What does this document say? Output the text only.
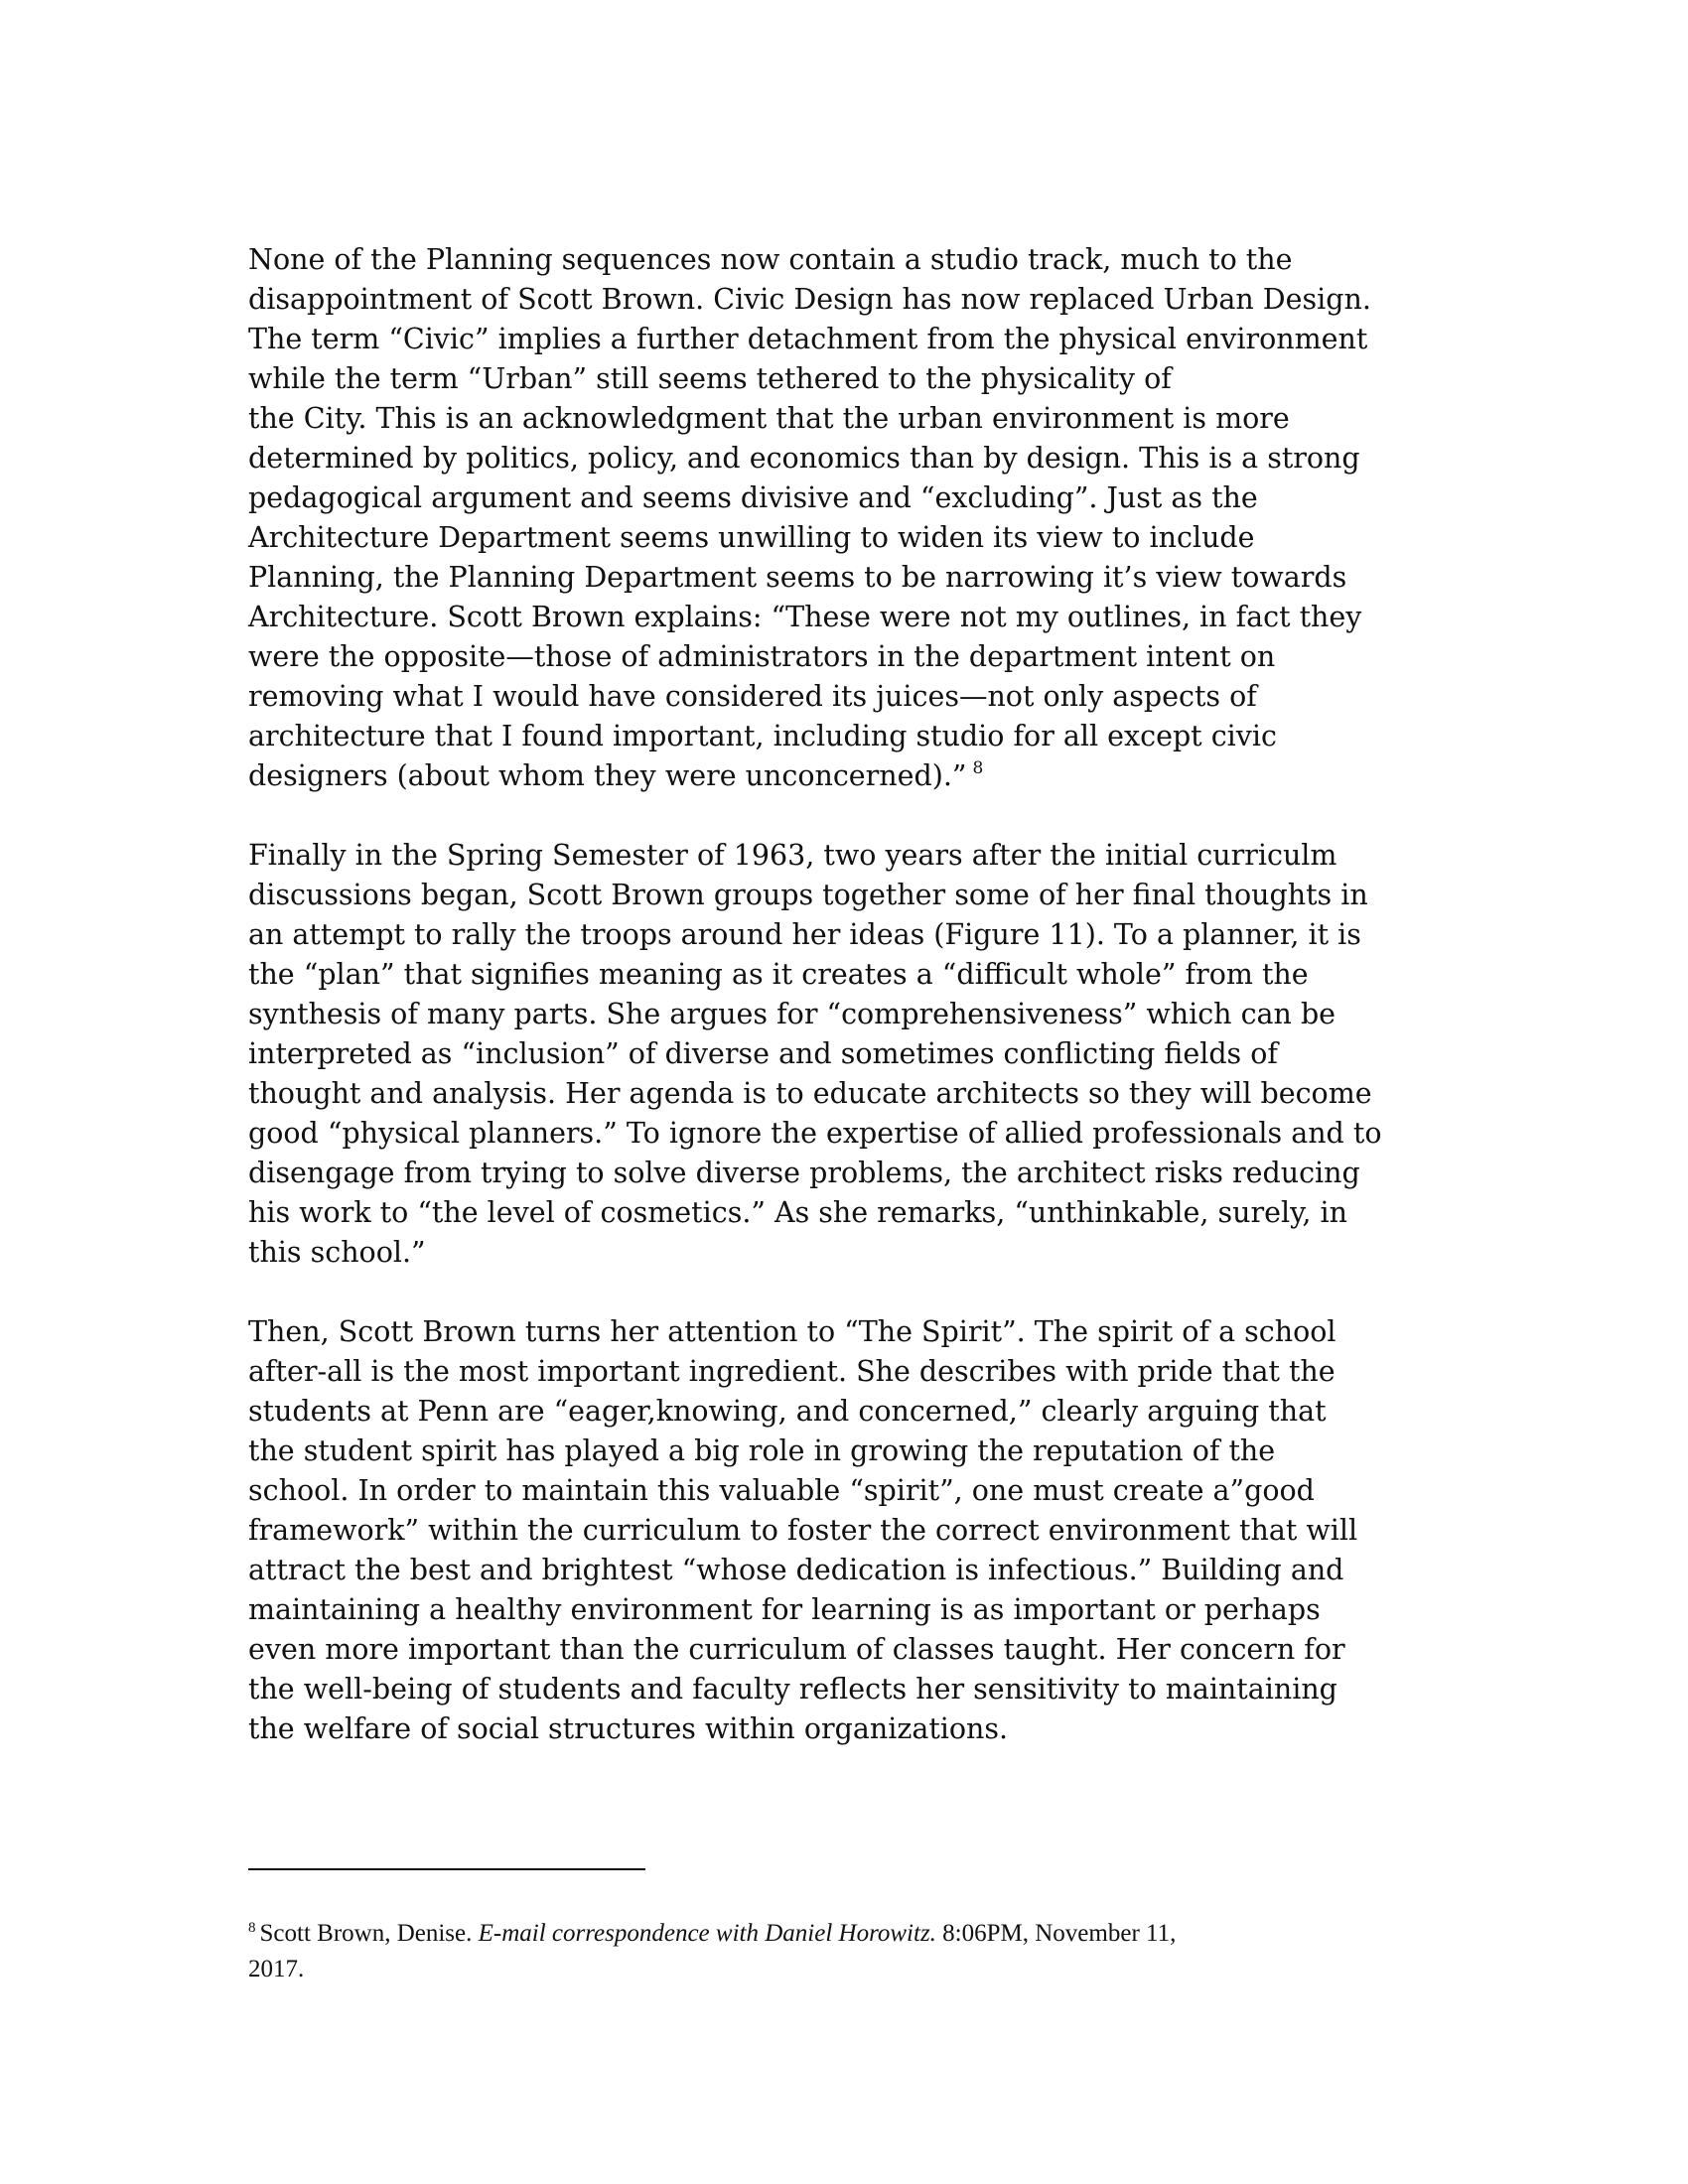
None of the Planning sequences now contain a studio track, much to the
disappointment of Scott Brown. Civic Design has now replaced Urban Design.
The term “Civic” implies a further detachment from the physical environment
while the term “Urban” still seems tethered to the physicality of
the City. This is an acknowledgment that the urban environment is more
determined by politics, policy, and economics than by design. This is a strong
pedagogical argument and seems divisive and “excluding”. Just as the
Architecture Department seems unwilling to widen its view to include
Planning, the Planning Department seems to be narrowing it’s view towards
Architecture. Scott Brown explains: “These were not my outlines, in fact they
were the opposite—those of administrators in the department intent on
removing what I would have considered its juices—not only aspects of
architecture that I found important, including studio for all except civic
designers (about whom they were unconcerned).” $^8$
Finally in the Spring Semester of 1963, two years after the initial curriculm
discussions began, Scott Brown groups together some of her final thoughts in
an attempt to rally the troops around her ideas (Figure 11). To a planner, it is
the “plan” that signifies meaning as it creates a “difficult whole” from the
synthesis of many parts. She argues for “comprehensiveness” which can be
interpreted as “inclusion” of diverse and sometimes conflicting fields of
thought and analysis. Her agenda is to educate architects so they will become
good “physical planners.” To ignore the expertise of allied professionals and to
disengage from trying to solve diverse problems, the architect risks reducing
his work to “the level of cosmetics.” As she remarks, “unthinkable, surely, in
this school.”
Then, Scott Brown turns her attention to “The Spirit”. The spirit of a school
after-all is the most important ingredient. She describes with pride that the
students at Penn are “eager,knowing, and concerned,” clearly arguing that
the student spirit has played a big role in growing the reputation of the
school. In order to maintain this valuable “spirit”, one must create a”good
framework” within the curriculum to foster the correct environment that will
attract the best and brightest “whose dedication is infectious.” Building and
maintaining a healthy environment for learning is as important or perhaps
even more important than the curriculum of classes taught. Her concern for
the well-being of students and faculty reflects her sensitivity to maintaining
the welfare of social structures within organizations.
$^8$ Scott Brown, Denise. E-mail correspondence with Daniel Horowitz. 8:06PM, November 11,
2017.
